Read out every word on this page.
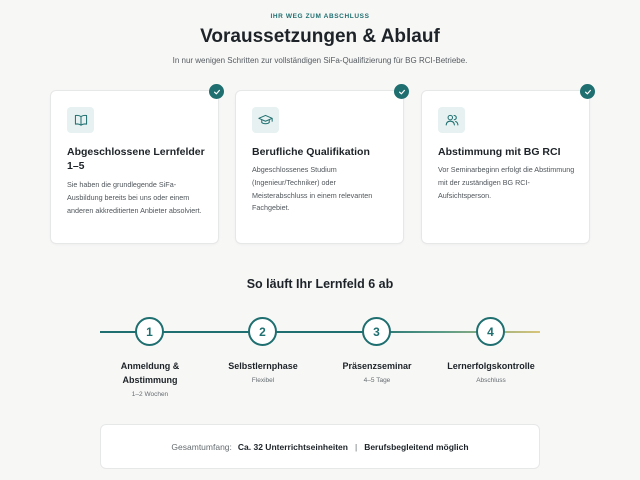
IHR WEG ZUM ABSCHLUSS
Voraussetzungen & Ablauf

In nur wenigen Schritten zur vollständigen SiFa-Qualifizierung für BG RCI-Betriebe.

Abgeschlossene Lernfelder 1–5
Sie haben die grundlegende SiFa-Ausbildung bereits bei uns oder einem anderen akkreditierten Anbieter absolviert.
Berufliche Qualifikation
Abgeschlossenes Studium (Ingenieur/Techniker) oder Meisterabschluss in einem relevanten Fachgebiet.
Abstimmung mit BG RCI
Vor Seminarbeginn erfolgt die Abstimmung mit der zuständigen BG RCI-Aufsichtsperson.
So läuft Ihr Lernfeld 6 ab
1
Anmeldung & Abstimmung
1–2 Wochen
2
Selbstlernphase
Flexibel
3
Präsenzseminar
4–5 Tage
4
Lernerfolgskontrolle
Abschluss
Gesamtumfang: Ca. 32 Unterrichtseinheiten | Berufsbegleitend möglich
